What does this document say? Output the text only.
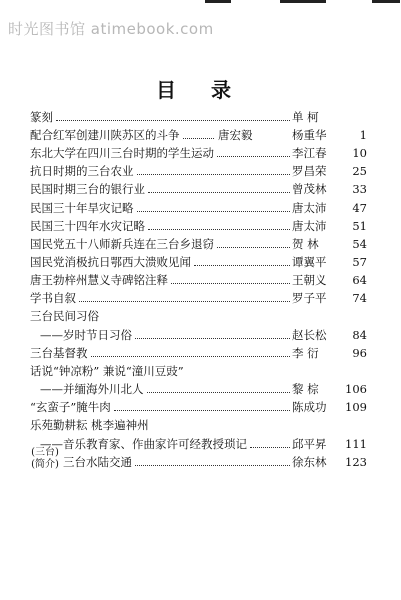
时光图书馆 atimebook.com
目 录
篆刻	单 柯
配合红军创建川陕苏区的斗争	唐宏毅	杨重华	1
东北大学在四川三台时期的学生运动	李江春	10
抗日时期的三台农业	罗昌荣	25
民国时期三台的银行业	曾茂林	33
民国三十年旱灾记略	唐太沛	47
民国三十四年水灾记略	唐太沛	51
国民党五十八师新兵连在三台乡退窃	贺 林	54
国民党消极抗日鄂西大溃败见闻	谭翼平	57
唐王勃梓州慧义寺碑铭注释	王朝义	64
学书自叙	罗子平	74
三台民间习俗
——岁时节日习俗	赵长松	84
三台基督教	李 衍	96
话说“钟凉粉” 兼说“潼川豆豉”
——并缅海外川北人	黎 棕 106
“玄蛮子”腌牛肉	陈成功 109
乐苑勤耕耘 桃李遍神州
——音乐教育家、作曲家许可经教授琐记	邱平昇 111
三台水陆交通	徐东林 123
(三台)
(简介)
